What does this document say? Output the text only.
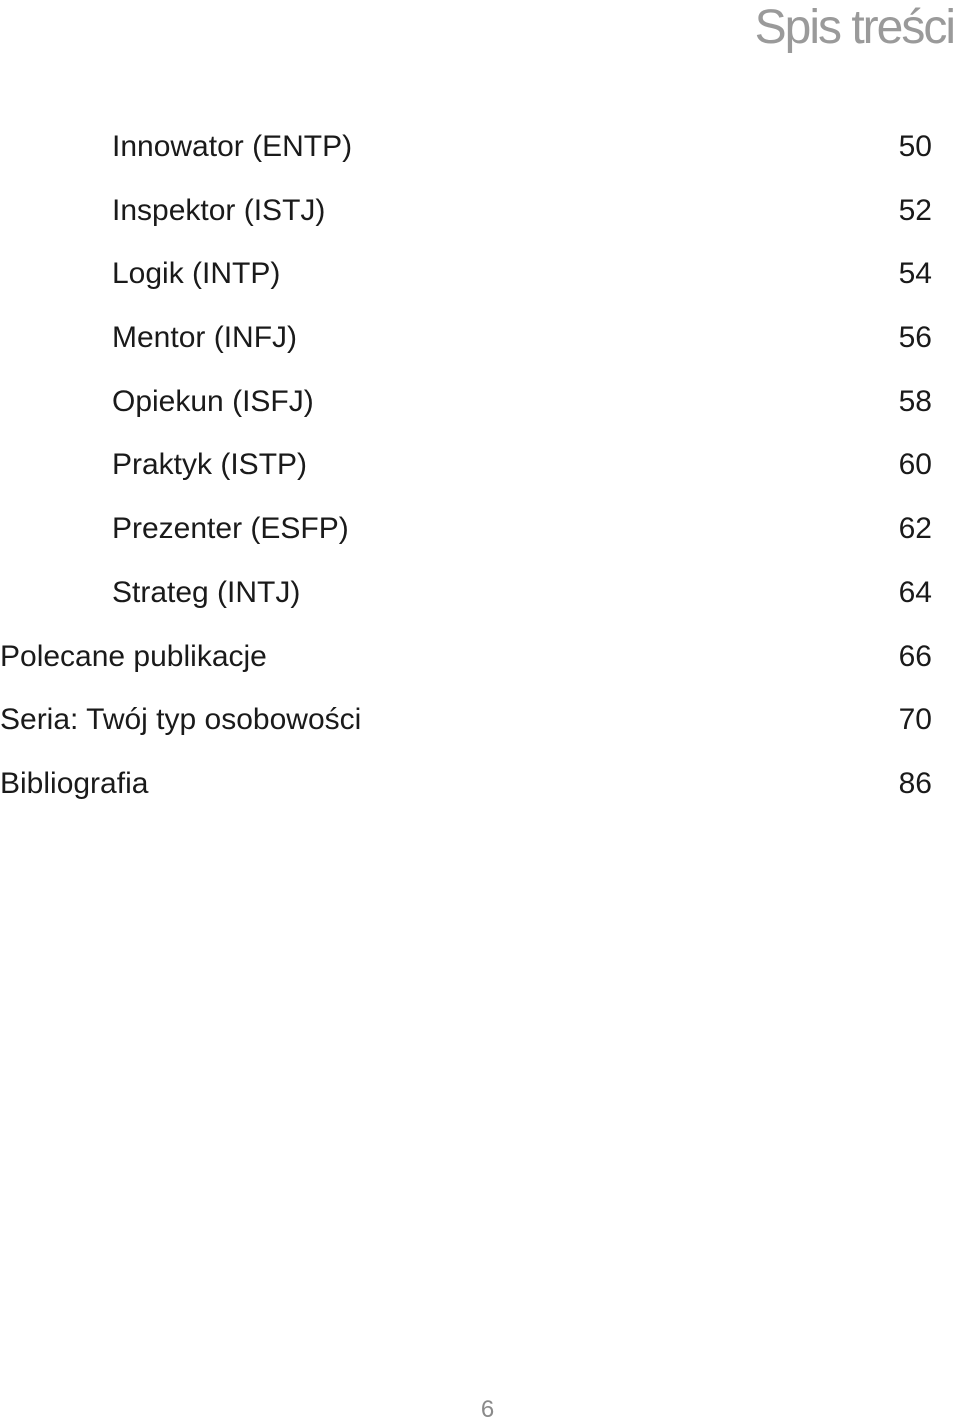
Spis treści
Innowator (ENTP)	50
Inspektor (ISTJ)	52
Logik (INTP)	54
Mentor (INFJ)	56
Opiekun (ISFJ)	58
Praktyk (ISTP)	60
Prezenter (ESFP)	62
Strateg (INTJ)	64
Polecane publikacje	66
Seria: Twój typ osobowości	70
Bibliografia	86
6
